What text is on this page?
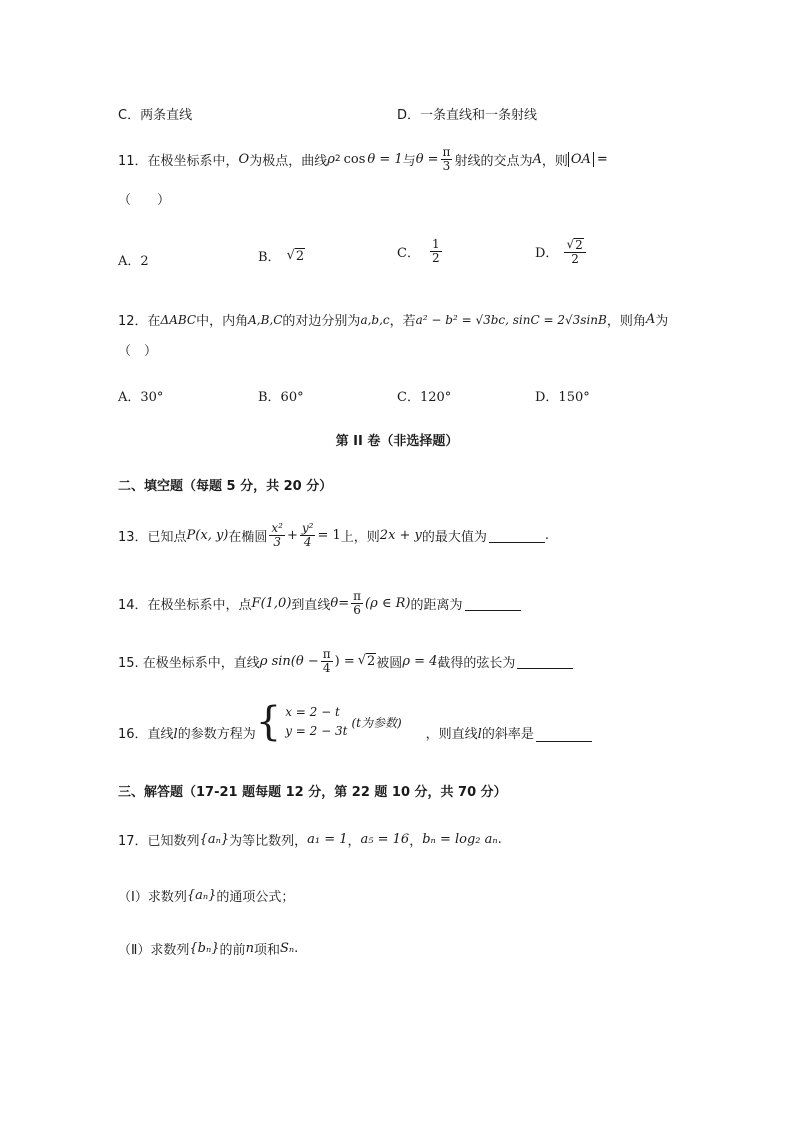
C．两条直线	D．一条直线和一条射线
11．在极坐标系中， O 为极点，曲线 ρ 2 cos θ = 1 与 $\theta = \frac{\pi}{3}$ 射线的交点为 A ，则 OA =
（　　）
A．2	B． √ 2	C． $\frac{1}{2}$	D． $\frac{√ 2}{2}$
12．在 ΔABC 中，内角 A,B,C 的对边分别为 a,b,c ，若 a² − b² = √3bc, sinC = 2√3sinB ，则角 A 为
（　）
A．30°	B．60°	C．120°	D．150°
第 II 卷（非选择题）
二、填空题（每题 5 分，共 20 分）
13．已知点 P(x, y) 在椭圆 $\frac{\text{x²}}{3} + \frac{\text{y²}}{4} = 1$ 上，则 2x + y 的最大值为	.
14．在极坐标系中，点 F(1,0) 到直线 $\theta= \frac{\pi}{6} (\rho$ ∈ R) 的距离为
15. 在极坐标系中，直线 ρ $\sin(\theta - \frac{\pi}{4}$ ) = √ 2 被圆 ρ = 4 截得的弦长为
16．直线 l 的参数方程为 { x = 2 − t
y = 2 − 3t
(t为参数)
，则直线 l 的斜率是
三、解答题（17-21 题每题 12 分，第 22 题 10 分，共 70 分）
17．已知数列 {aₙ} 为等比数列， a₁ = 1 ， a₅ = 16 ， bₙ = log₂ aₙ .
（Ⅰ）求数列 {aₙ} 的通项公式；
（Ⅱ）求数列 {bₙ} 的前 n 项和 Sₙ .
